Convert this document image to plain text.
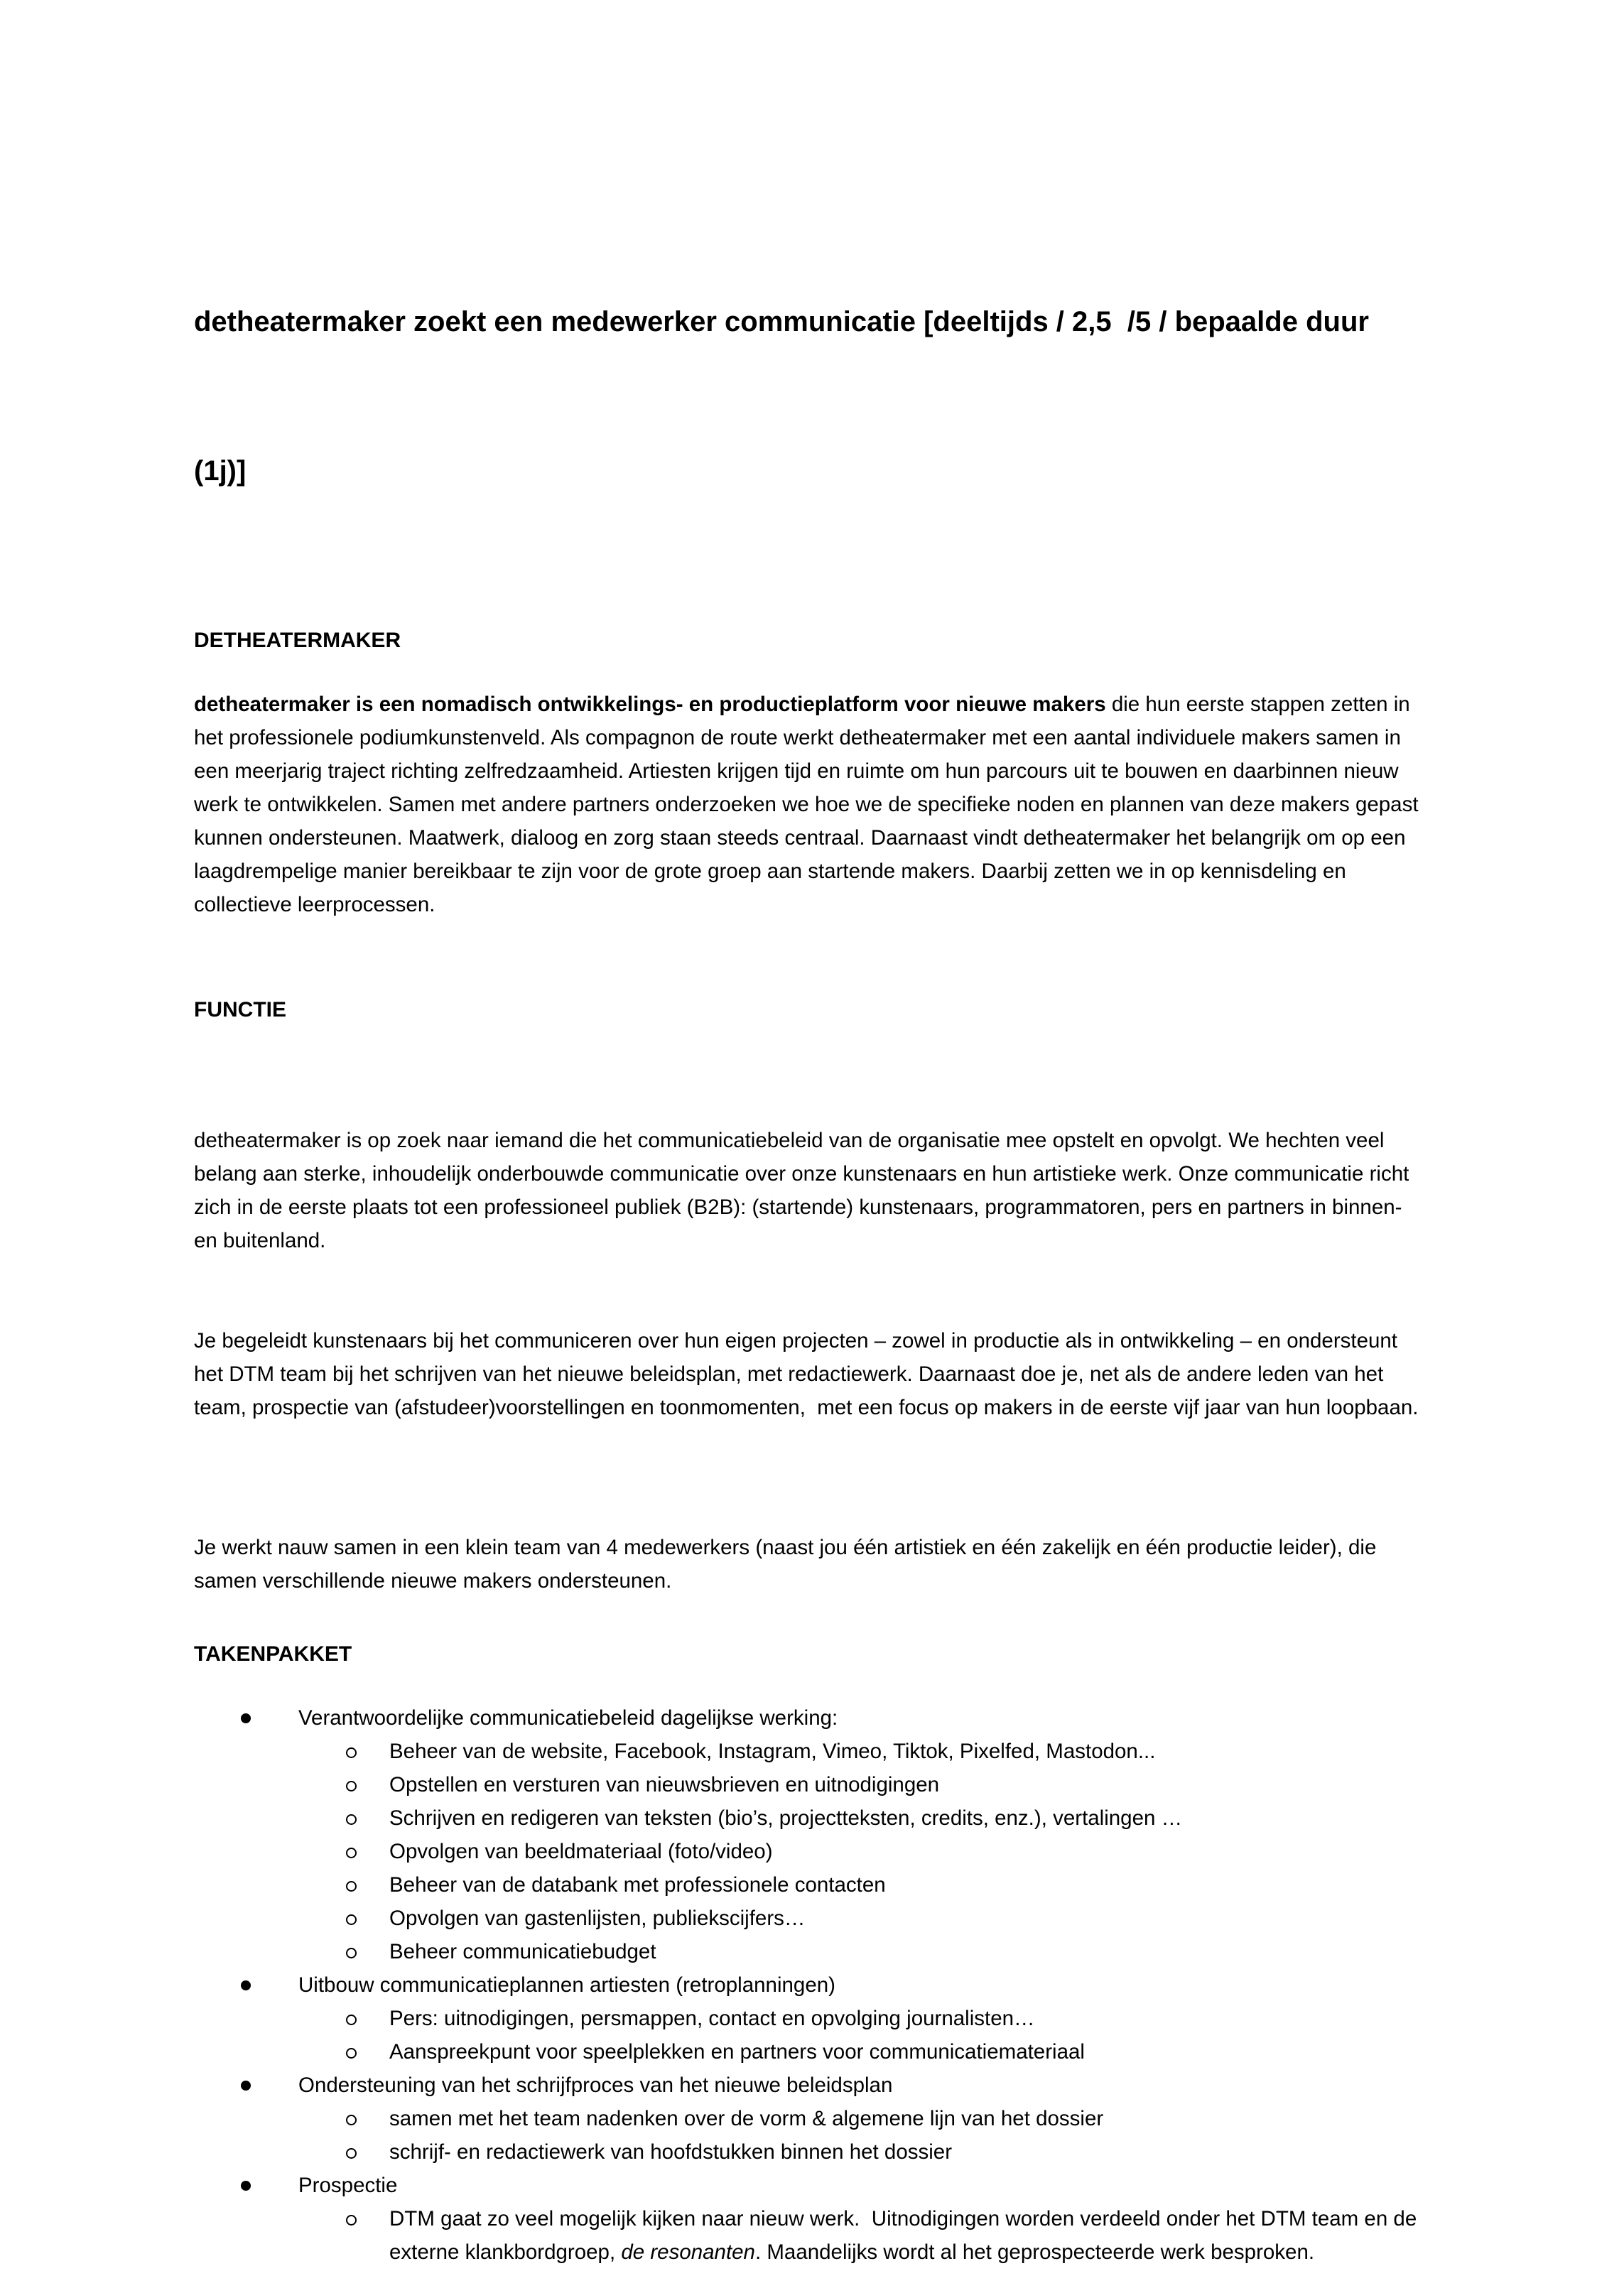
detheatermaker zoekt een medewerker communicatie [deeltijds / 2,5  /5 / bepaalde duur

(1j)]

DETHEATERMAKER
detheatermaker is een nomadisch ontwikkelings- en productieplatform voor nieuwe makers die hun eerste stappen zetten in het professionele podiumkunstenveld. Als compagnon de route werkt detheatermaker met een aantal individuele makers samen in een meerjarig traject richting zelfredzaamheid. Artiesten krijgen tijd en ruimte om hun parcours uit te bouwen en daarbinnen nieuw werk te ontwikkelen. Samen met andere partners onderzoeken we hoe we de specifieke noden en plannen van deze makers gepast kunnen ondersteunen. Maatwerk, dialoog en zorg staan steeds centraal. Daarnaast vindt detheatermaker het belangrijk om op een laagdrempelige manier bereikbaar te zijn voor de grote groep aan startende makers. Daarbij zetten we in op kennisdeling en collectieve leerprocessen.
FUNCTIE

detheatermaker is op zoek naar iemand die het communicatiebeleid van de organisatie mee opstelt en opvolgt. We hechten veel belang aan sterke, inhoudelijk onderbouwde communicatie over onze kunstenaars en hun artistieke werk. Onze communicatie richt zich in de eerste plaats tot een professioneel publiek (B2B): (startende) kunstenaars, programmatoren, pers en partners in binnen- en buitenland.

Je begeleidt kunstenaars bij het communiceren over hun eigen projecten – zowel in productie als in ontwikkeling – en ondersteunt het DTM team bij het schrijven van het nieuwe beleidsplan, met redactiewerk. Daarnaast doe je, net als de andere leden van het team, prospectie van (afstudeer)voorstellingen en toonmomenten,  met een focus op makers in de eerste vijf jaar van hun loopbaan.

Je werkt nauw samen in een klein team van 4 medewerkers (naast jou één artistiek en één zakelijk en één productie leider), die samen verschillende nieuwe makers ondersteunen.
TAKENPAKKET
Verantwoordelijke communicatiebeleid dagelijkse werking:
Beheer van de website, Facebook, Instagram, Vimeo, Tiktok, Pixelfed, Mastodon...
Opstellen en versturen van nieuwsbrieven en uitnodigingen
Schrijven en redigeren van teksten (bio’s, projectteksten, credits, enz.), vertalingen …
Opvolgen van beeldmateriaal (foto/video)
Beheer van de databank met professionele contacten
Opvolgen van gastenlijsten, publiekscijfers…
Beheer communicatiebudget
Uitbouw communicatieplannen artiesten (retroplanningen)
Pers: uitnodigingen, persmappen, contact en opvolging journalisten…
Aanspreekpunt voor speelplekken en partners voor communicatiemateriaal
Ondersteuning van het schrijfproces van het nieuwe beleidsplan
samen met het team nadenken over de vorm & algemene lijn van het dossier
schrijf- en redactiewerk van hoofdstukken binnen het dossier
Prospectie
DTM gaat zo veel mogelijk kijken naar nieuw werk.  Uitnodigingen worden verdeeld onder het DTM team en de externe klankbordgroep, de resonanten. Maandelijks wordt al het geprospecteerde werk besproken.
